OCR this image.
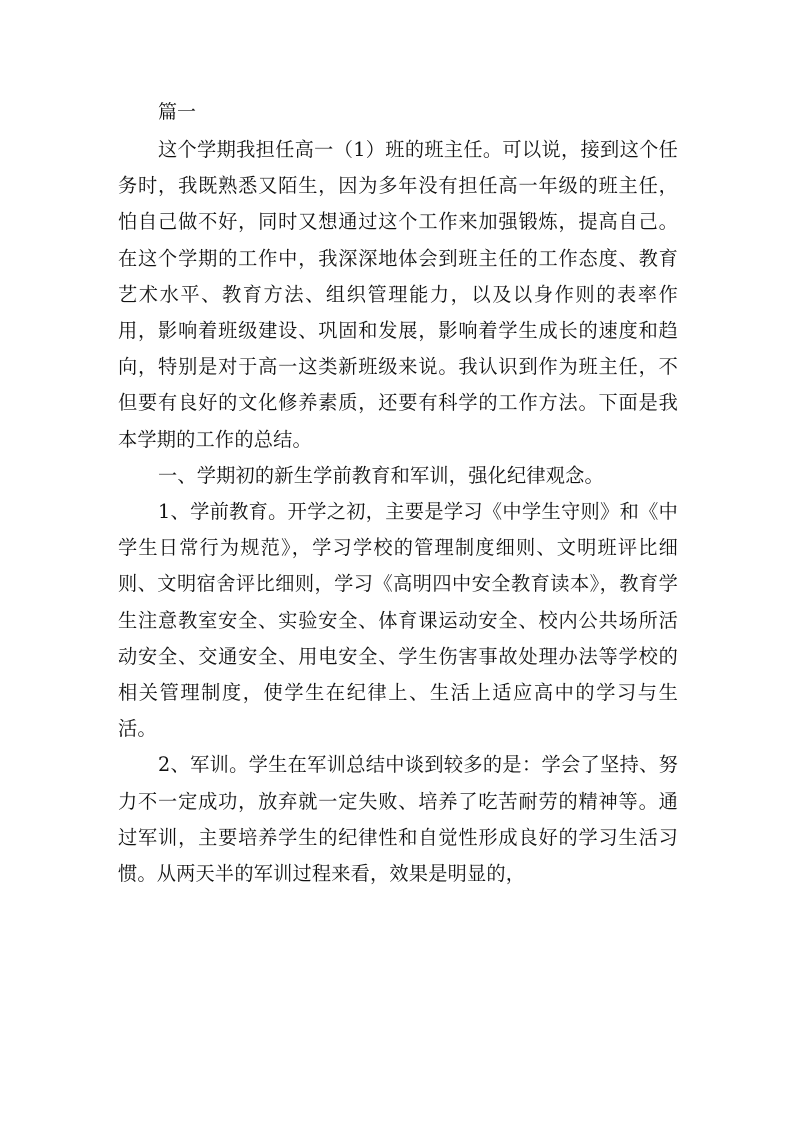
篇一

这个学期我担任高一（1）班的班主任。可以说，接到这个任务时，我既熟悉又陌生，因为多年没有担任高一年级的班主任，怕自己做不好，同时又想通过这个工作来加强锻炼，提高自己。在这个学期的工作中，我深深地体会到班主任的工作态度、教育艺术水平、教育方法、组织管理能力，以及以身作则的表率作用，影响着班级建设、巩固和发展，影响着学生成长的速度和趋向，特别是对于高一这类新班级来说。我认识到作为班主任，不但要有良好的文化修养素质，还要有科学的工作方法。下面是我本学期的工作的总结。

一、学期初的新生学前教育和军训，强化纪律观念。

1、学前教育。开学之初，主要是学习《中学生守则》和《中学生日常行为规范》，学习学校的管理制度细则、文明班评比细则、文明宿舍评比细则，学习《高明四中安全教育读本》，教育学生注意教室安全、实验安全、体育课运动安全、校内公共场所活动安全、交通安全、用电安全、学生伤害事故处理办法等学校的相关管理制度，使学生在纪律上、生活上适应高中的学习与生活。

2、军训。学生在军训总结中谈到较多的是：学会了坚持、努力不一定成功，放弃就一定失败、培养了吃苦耐劳的精神等。通过军训，主要培养学生的纪律性和自觉性形成良好的学习生活习惯。从两天半的军训过程来看，效果是明显的，
